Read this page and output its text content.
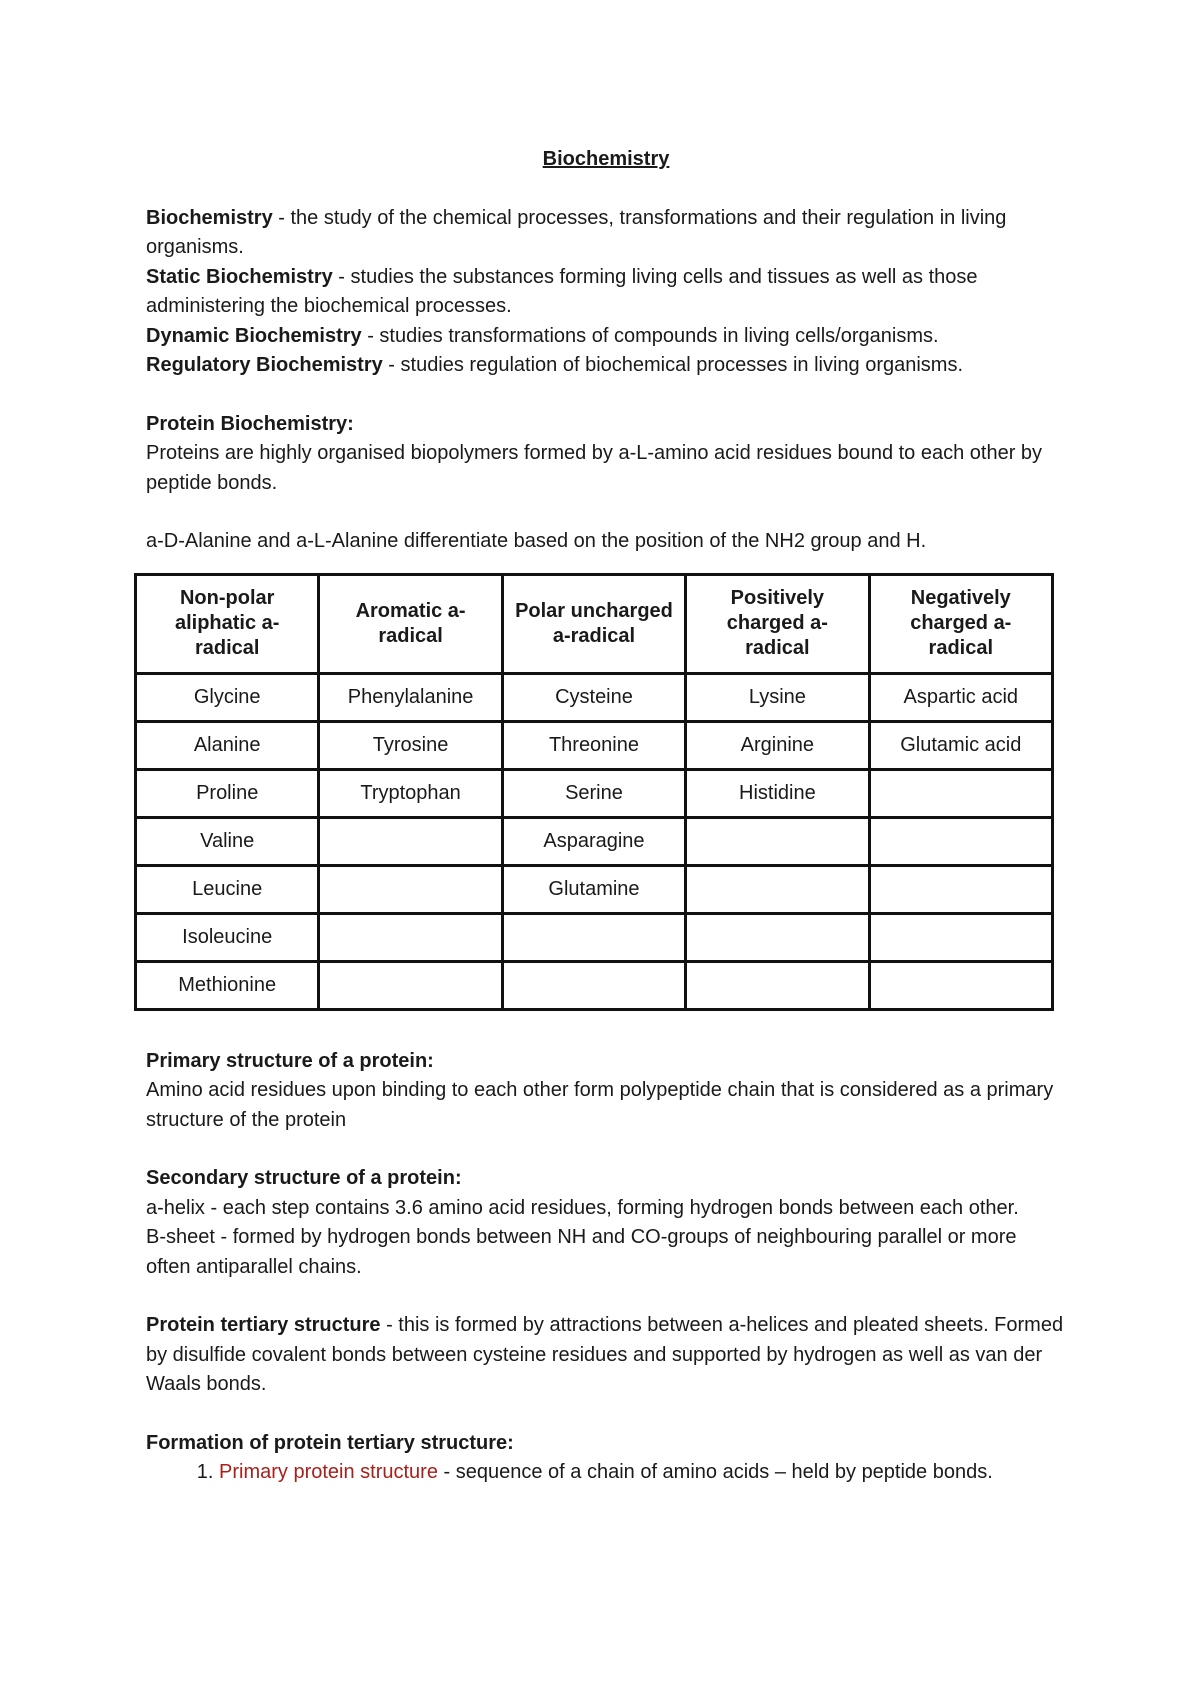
Biochemistry

Biochemistry - the study of the chemical processes, transformations and their regulation in living organisms.

Static Biochemistry - studies the substances forming living cells and tissues as well as those administering the biochemical processes.

Dynamic Biochemistry - studies transformations of compounds in living cells/organisms.

Regulatory Biochemistry - studies regulation of biochemical processes in living organisms.

Protein Biochemistry:

Proteins are highly organised biopolymers formed by a-L-amino acid residues bound to each other by peptide bonds.

a-D-Alanine and a-L-Alanine differentiate based on the position of the NH2 group and H.

Non-polar aliphatic a-radical	Aromatic a-radical	Polar uncharged a-radical	Positively charged a-radical	Negatively charged a-radical
Glycine	Phenylalanine	Cysteine	Lysine	Aspartic acid
Alanine	Tyrosine	Threonine	Arginine	Glutamic acid
Proline	Tryptophan	Serine	Histidine	
Valine		Asparagine		
Leucine		Glutamine		
Isoleucine				
Methionine				

Primary structure of a protein:

Amino acid residues upon binding to each other form polypeptide chain that is considered as a primary structure of the protein

Secondary structure of a protein:

a-helix - each step contains 3.6 amino acid residues, forming hydrogen bonds between each other.

B-sheet - formed by hydrogen bonds between NH and CO-groups of neighbouring parallel or more often antiparallel chains.

Protein tertiary structure - this is formed by attractions between a-helices and pleated sheets. Formed by disulfide covalent bonds between cysteine residues and supported by hydrogen as well as van der Waals bonds.

Formation of protein tertiary structure:

1. Primary protein structure - sequence of a chain of amino acids – held by peptide bonds.
